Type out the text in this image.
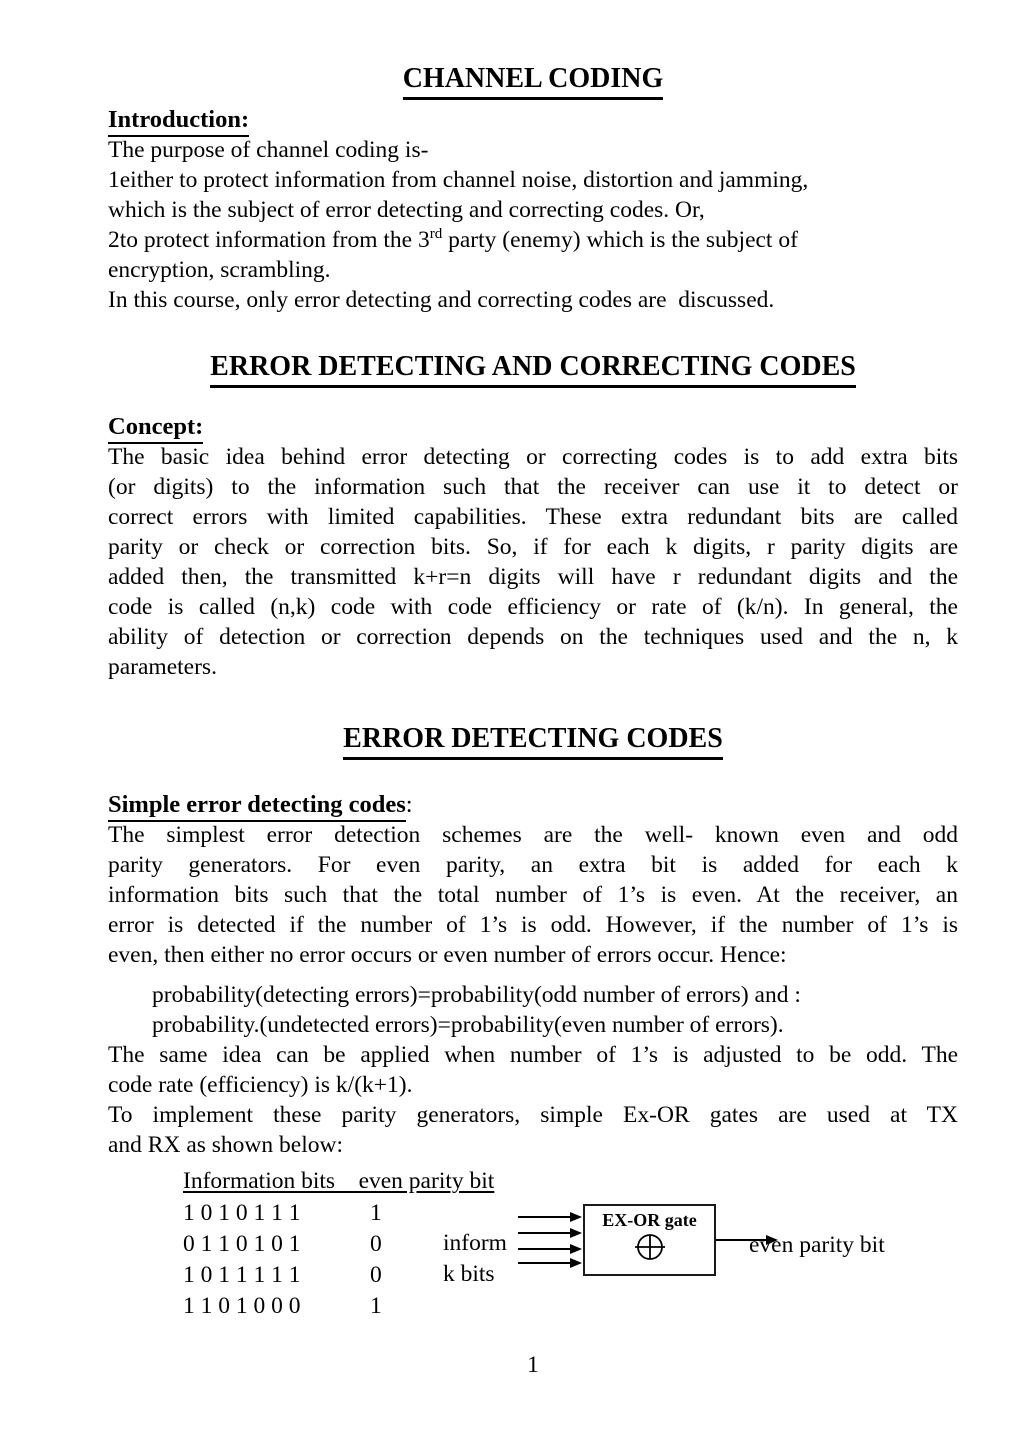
CHANNEL CODING
Introduction:
The purpose of channel coding is-
1either to protect information from channel noise, distortion and jamming,
which is the subject of error detecting and correcting codes. Or,
2to protect information from the 3rd party (enemy) which is the subject of
encryption, scrambling.
In this course, only error detecting and correcting codes are  discussed.
ERROR DETECTING AND CORRECTING CODES
Concept:
The basic idea behind error detecting or correcting codes is to add extra bits
(or digits) to the information such that the receiver can use it to detect or
correct errors with limited capabilities. These extra redundant bits are called
parity or check or correction bits. So, if for each k digits, r parity digits are
added then, the transmitted k+r=n digits will have r redundant digits and the
code is called (n,k) code with code efficiency or rate of (k/n). In general, the
ability of detection or correction depends on the techniques used and the n, k
parameters.
ERROR DETECTING CODES
Simple error detecting codes:
The simplest error detection schemes are the well- known even and odd
parity generators. For even parity, an extra bit is added for each k
information bits such that the total number of 1’s is even. At the receiver, an
error is detected if the number of 1’s is odd. However, if the number of 1’s is
even, then either no error occurs or even number of errors occur. Hence:
probability(detecting errors)=probability(odd number of errors) and :
probability.(undetected errors)=probability(even number of errors).
The same idea can be applied when number of 1’s is adjusted to be odd. The
code rate (efficiency) is k/(k+1).
To implement these parity generators, simple Ex-OR gates are used at TX
and RX as shown below:
Information bits    even parity bit
1 0 1 0 1 1 1	1
0 1 1 0 1 0 1	0
1 0 1 1 1 1 1	0
1 1 0 1 0 0 0	1
inform
k bits
EX-OR gate
even parity bit
1
